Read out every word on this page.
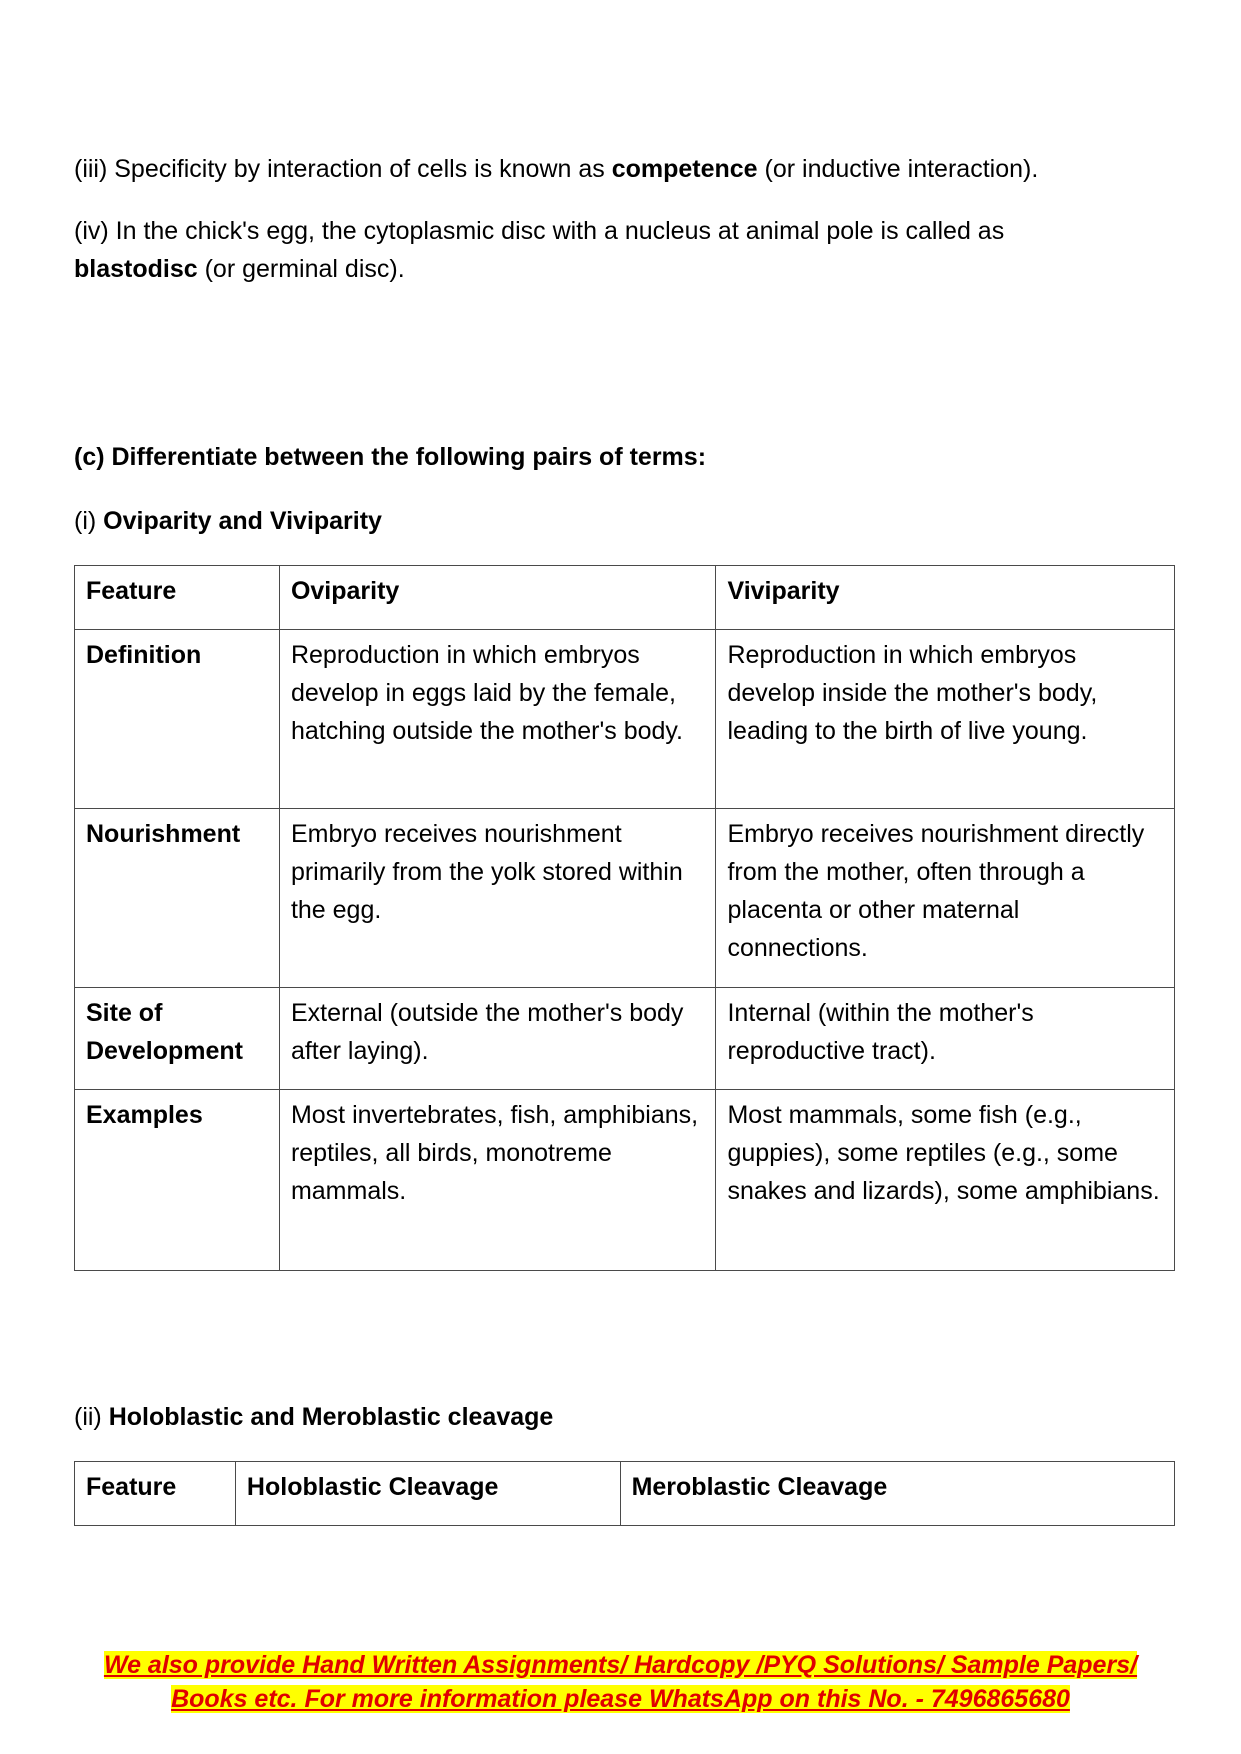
(iii) Specificity by interaction of cells is known as competence (or inductive interaction).
(iv) In the chick's egg, the cytoplasmic disc with a nucleus at animal pole is called as
blastodisc (or germinal disc).
(c) Differentiate between the following pairs of terms:
(i) Oviparity and Viviparity
Feature	Oviparity	Viviparity
Definition	Reproduction in which embryos develop in eggs laid by the female, hatching outside the mother's body.	Reproduction in which embryos develop inside the mother's body, leading to the birth of live young.
Nourishment	Embryo receives nourishment primarily from the yolk stored within the egg.	Embryo receives nourishment directly from the mother, often through a placenta or other maternal connections.
Site of Development	External (outside the mother's body after laying).	Internal (within the mother's reproductive tract).
Examples	Most invertebrates, fish, amphibians, reptiles, all birds, monotreme mammals.	Most mammals, some fish (e.g., guppies), some reptiles (e.g., some snakes and lizards), some amphibians.
(ii) Holoblastic and Meroblastic cleavage
Feature	Holoblastic Cleavage	Meroblastic Cleavage
We also provide Hand Written Assignments/ Hardcopy /PYQ Solutions/ Sample Papers/
Books etc. For more information please WhatsApp on this No. - 7496865680
